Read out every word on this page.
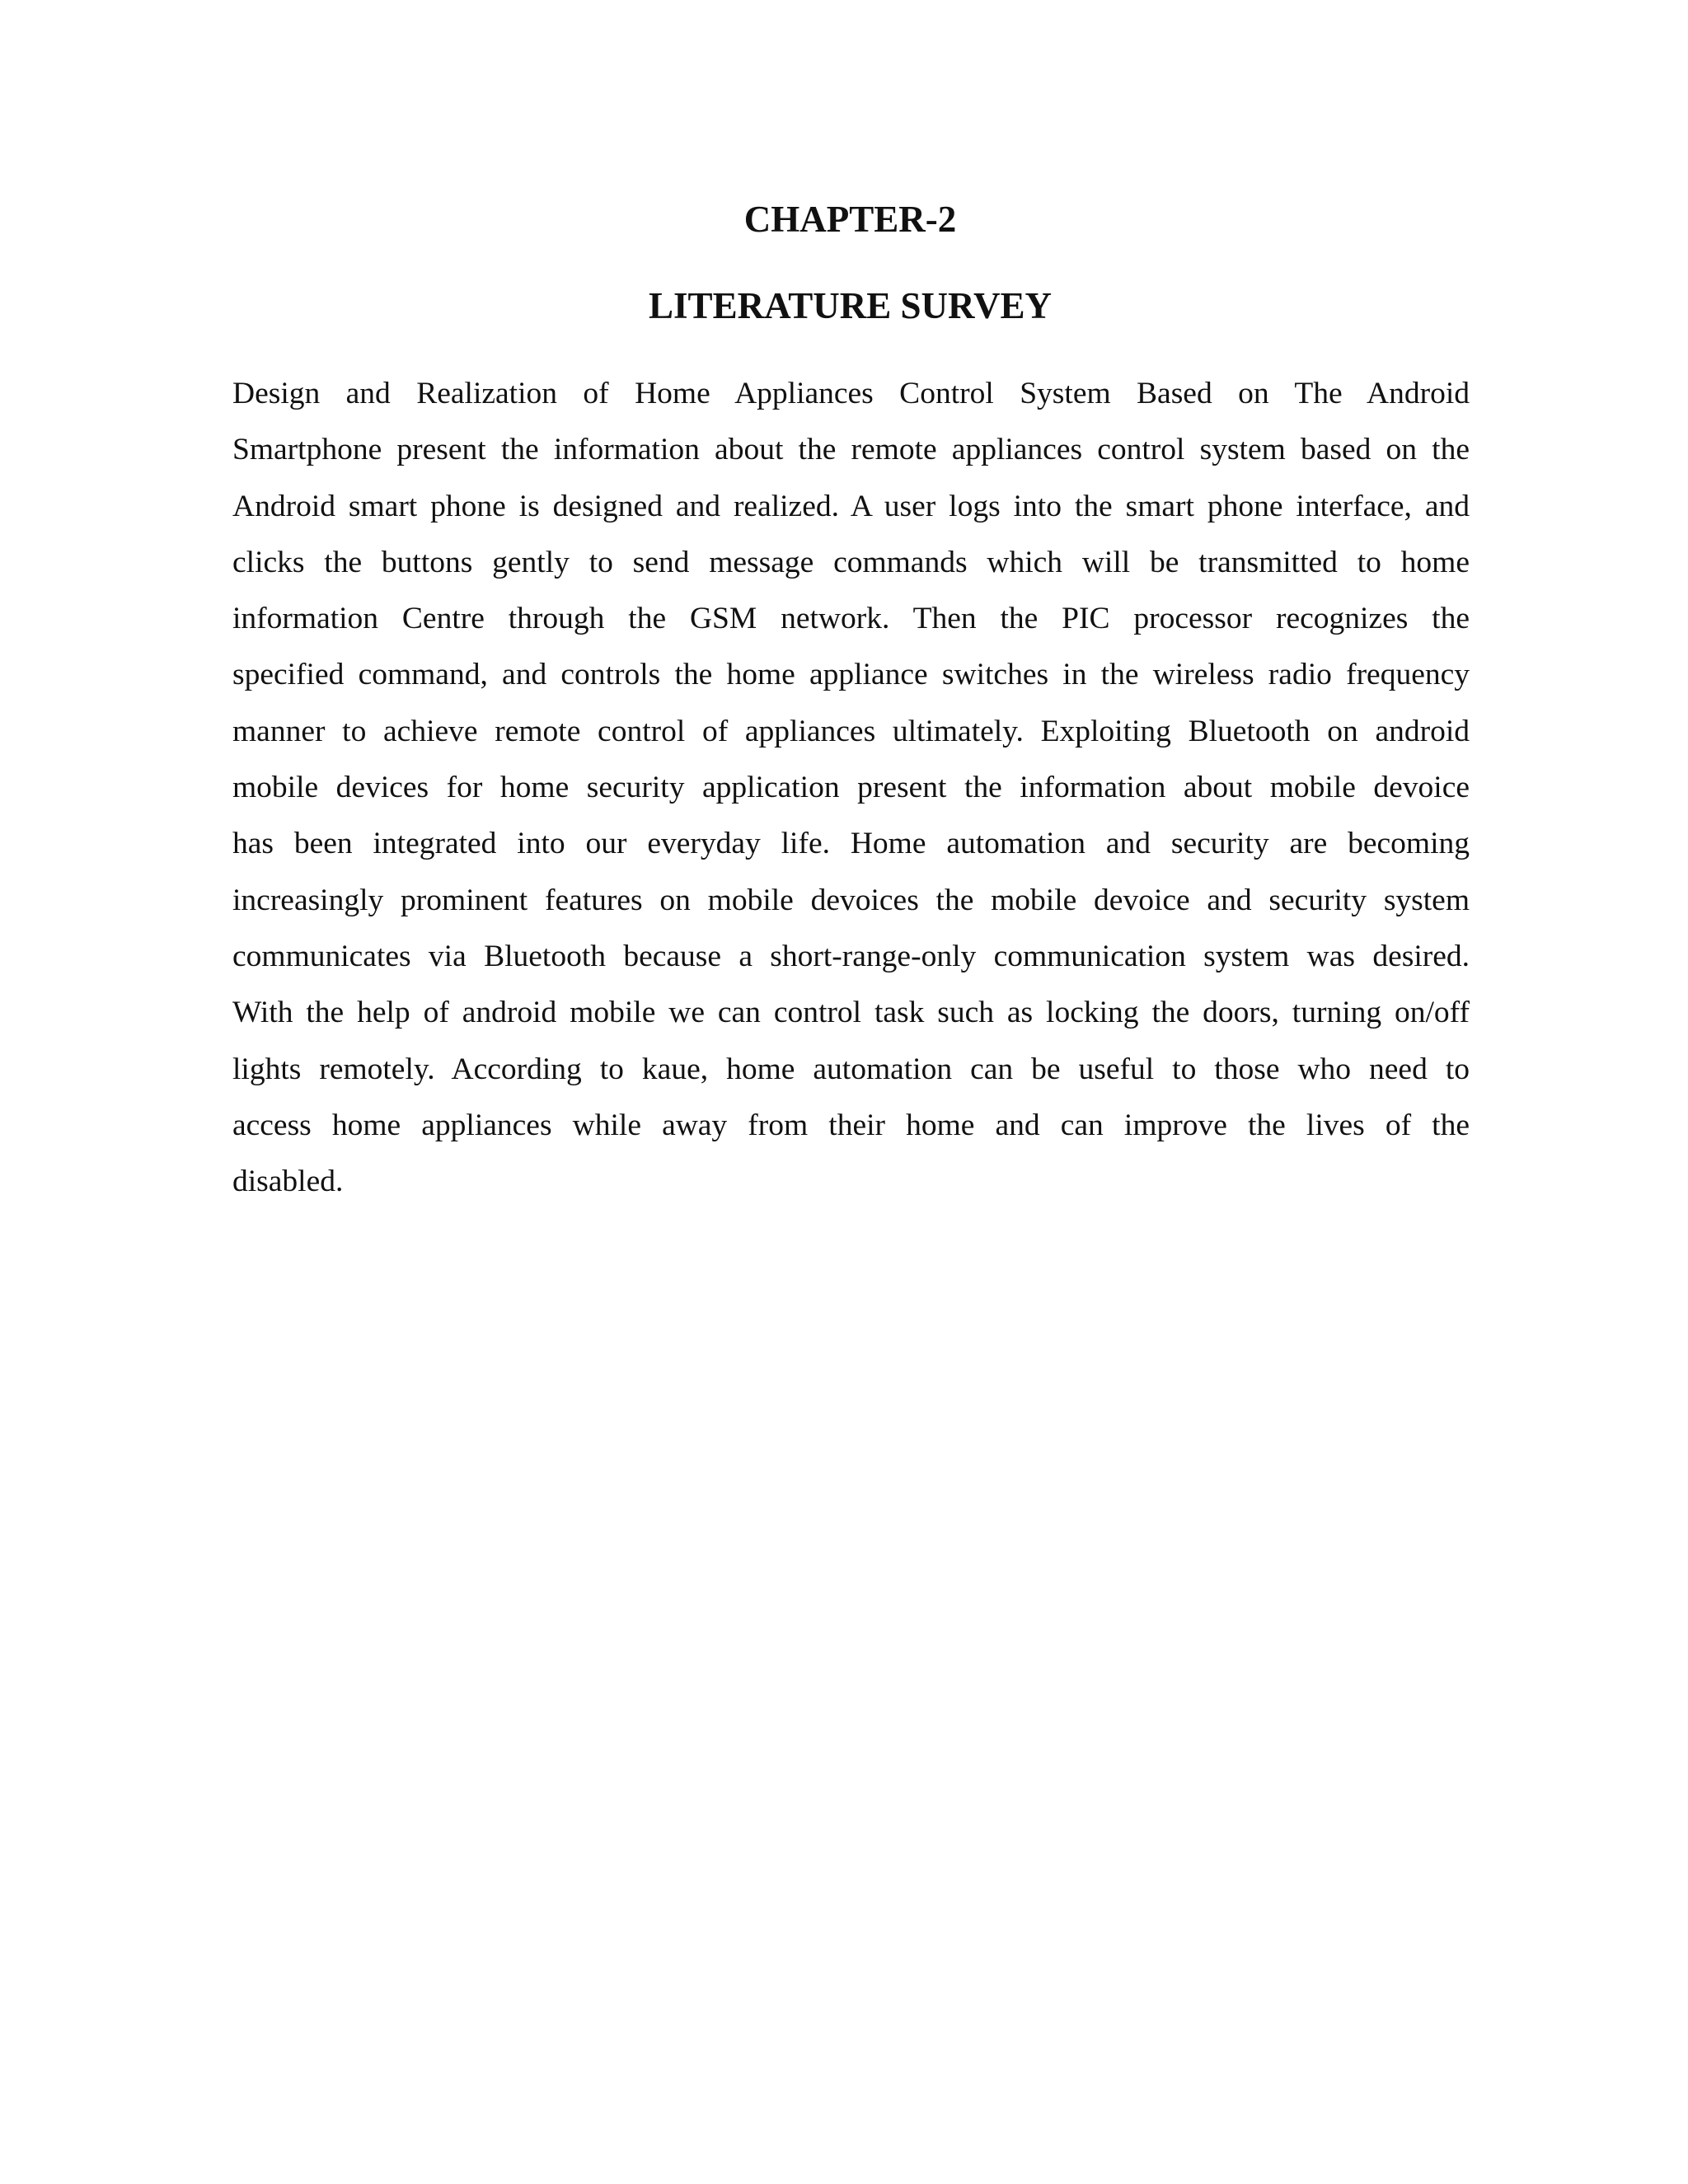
CHAPTER-2
LITERATURE SURVEY

Design and Realization of Home Appliances Control System Based on The Android
Smartphone present the information about the remote appliances control system based on the
Android smart phone is designed and realized. A user logs into the smart phone interface, and
clicks the buttons gently to send message commands which will be transmitted to home
information Centre through the GSM network. Then the PIC processor recognizes the
specified command, and controls the home appliance switches in the wireless radio frequency
manner to achieve remote control of appliances ultimately. Exploiting Bluetooth on android
mobile devices for home security application present the information about mobile devoice
has been integrated into our everyday life. Home automation and security are becoming
increasingly prominent features on mobile devoices the mobile devoice and security system
communicates via Bluetooth because a short-range-only communication system was desired.
With the help of android mobile we can control task such as locking the doors, turning on/off
lights remotely. According to kaue, home automation can be useful to those who need to
access home appliances while away from their home and can improve the lives of the
disabled.
